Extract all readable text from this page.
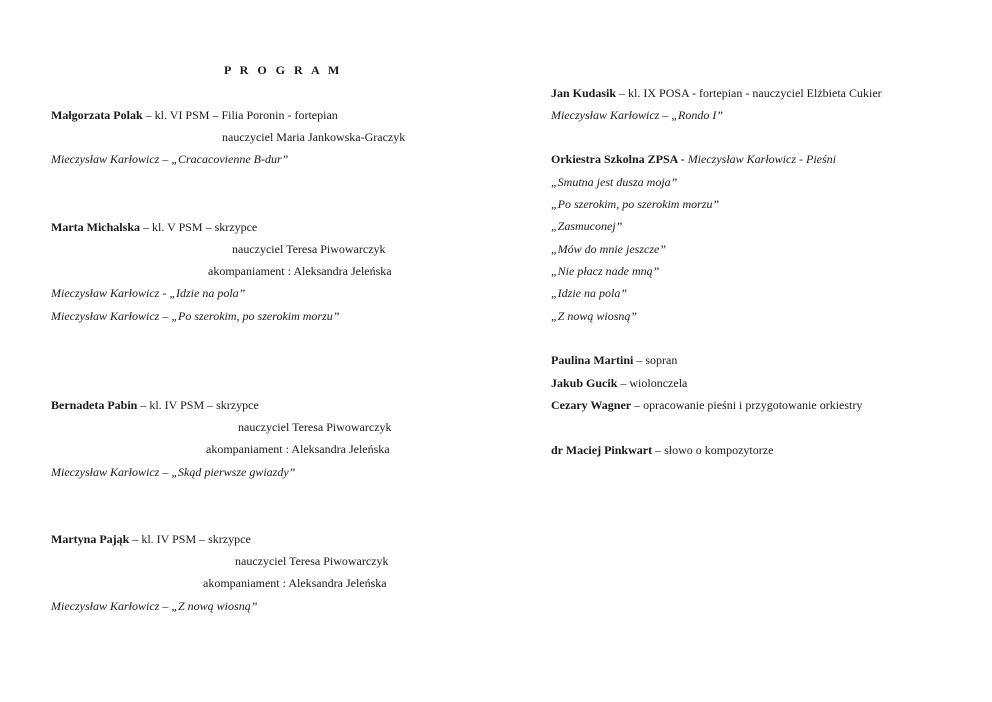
P R O G R A M
Małgorzata Polak – kl. VI PSM – Filia Poronin - fortepian
nauczyciel Maria Jankowska-Graczyk
Mieczysław Karłowicz – „Cracacovienne B-dur”
Marta Michalska – kl. V PSM – skrzypce
nauczyciel Teresa Piwowarczyk
akompaniament : Aleksandra Jeleńska
Mieczysław Karłowicz - „Idzie na pola”
Mieczysław Karłowicz – „Po szerokim, po szerokim morzu”
Bernadeta Pabin – kl. IV PSM – skrzypce
nauczyciel Teresa Piwowarczyk
akompaniament : Aleksandra Jeleńska
Mieczysław Karłowicz – „Skąd pierwsze gwiazdy”
Martyna Pająk – kl. IV PSM – skrzypce
nauczyciel Teresa Piwowarczyk
akompaniament : Aleksandra Jeleńska
Mieczysław Karłowicz – „Z nową wiosną”
Jan Kudasik – kl. IX POSA - fortepian - nauczyciel Elżbieta Cukier
Mieczysław Karłowicz – „Rondo I”
Orkiestra Szkolna ZPSA - Mieczysław Karłowicz - Pieśni
„Smutna jest dusza moja”
„Po szerokim, po szerokim morzu”
„Zasmuconej”
„Mów do mnie jeszcze”
„Nie płacz nade mną”
„Idzie na pola”
„Z nową wiosną”
Paulina Martini – sopran
Jakub Gucik – wiolonczela
Cezary Wagner – opracowanie pieśni i przygotowanie orkiestry
dr Maciej Pinkwart – słowo o kompozytorze
